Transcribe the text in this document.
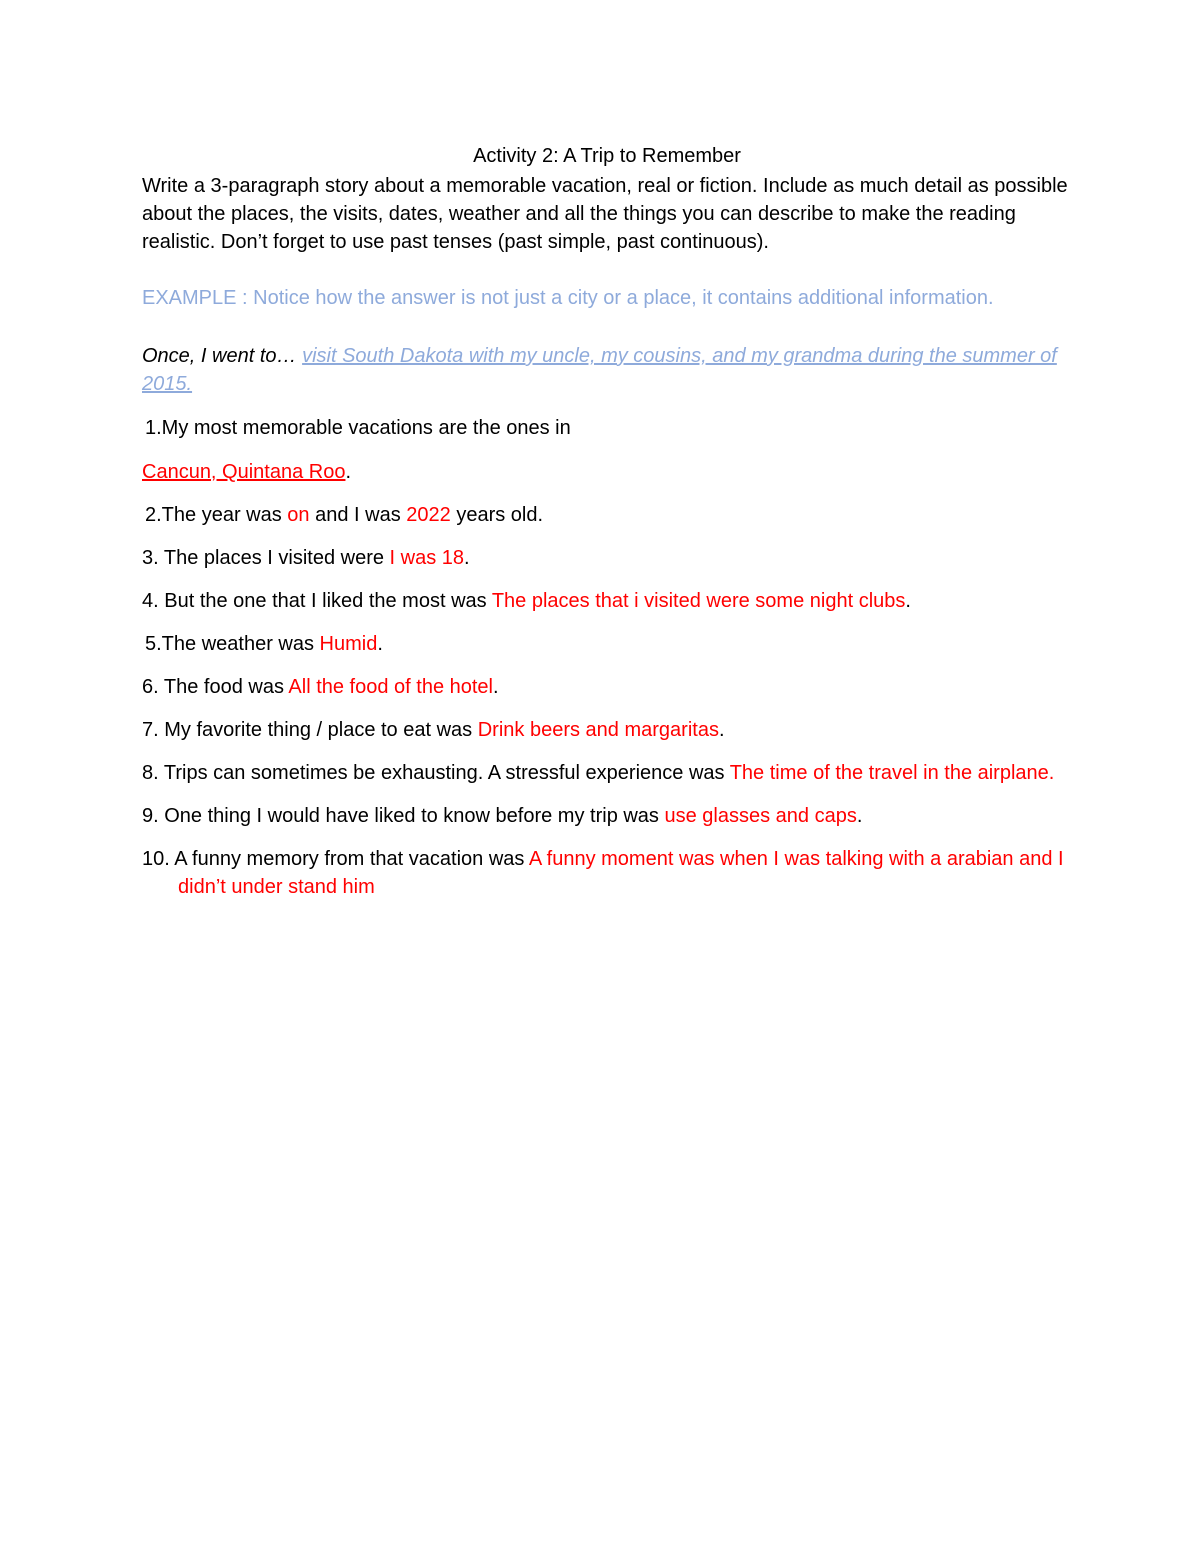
Activity 2: A Trip to Remember

Write a 3-paragraph story about a memorable vacation, real or fiction. Include as much detail as possible about the places, the visits, dates, weather and all the things you can describe to make the reading realistic. Don’t forget to use past tenses (past simple, past continuous).

EXAMPLE : Notice how the answer is not just a city or a place, it contains additional information.

Once, I went to… visit South Dakota with my uncle, my cousins, and my grandma during the summer of 2015.

1.My most memorable vacations are the ones in

Cancun, Quintana Roo.

2.The year was on and I was 2022 years old.

3. The places I visited were I was 18.

4. But the one that I liked the most was The places that i visited were some night clubs.

5.The weather was Humid.

6. The food was All the food of the hotel.

7. My favorite thing / place to eat was Drink beers and margaritas.

8. Trips can sometimes be exhausting. A stressful experience was The time of the travel in the airplane.

9. One thing I would have liked to know before my trip was use glasses and caps.

10. A funny memory from that vacation was A funny moment was when I was talking with a arabian and I didn’t under stand him
